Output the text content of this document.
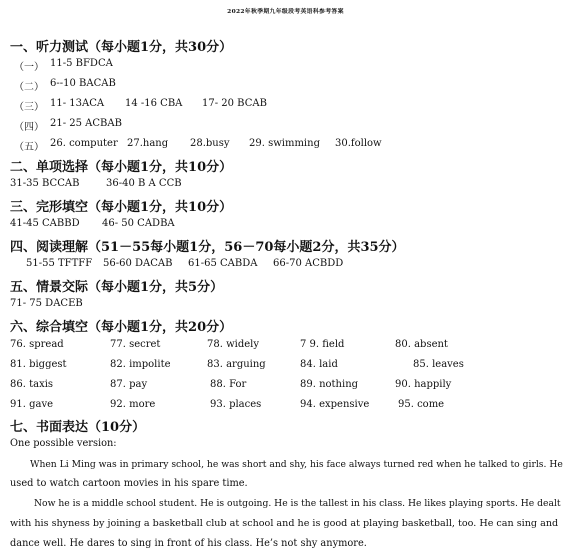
2022年秋季期九年级段考英语科参考答案
一、听力测试（每小题1分，共30分）
（一） 11-5 BFDCA
（二） 6--10 BACAB
（三） 11- 13ACA 14 -16 CBA 17- 20 BCAB
（四） 21- 25 ACBAB
（五） 26. computer 27.hang 28.busy 29. swimming 30.follow
二、单项选择（每小题1分，共10分）
31-35 BCCAB	36-40 B A CCB
三、完形填空（每小题1分，共10分）
41-45 CABBD 46- 50 CADBA
四、阅读理解（51－55每小题1分，56－70每小题2分，共35分）
51-55 TFTFF 56-60 DACAB 61-65 CABDA 66-70 ACBDD
五、情景交际（每小题1分，共5分）
71- 75 DACEB
六、综合填空（每小题1分，共20分）
76. spread	77. secret	78. widely	7 9. field	80. absent
81. biggest	82. impolite	83. arguing	84. laid	85. leaves
86. taxis	87. pay	88. For	89. nothing	90. happily
91. gave	92. more	93. places	94. expensive	95. come
七、书面表达（10分）
One possible version:
When Li Ming was in primary school, he was short and shy, his face always turned red when he talked to girls. He
used to watch cartoon movies in his spare time.
Now he is a middle school student. He is outgoing. He is the tallest in his class. He likes playing sports. He dealt
with his shyness by joining a basketball club at school and he is good at playing basketball, too. He can sing and
dance well. He dares to sing in front of his class. He’s not shy anymore.
